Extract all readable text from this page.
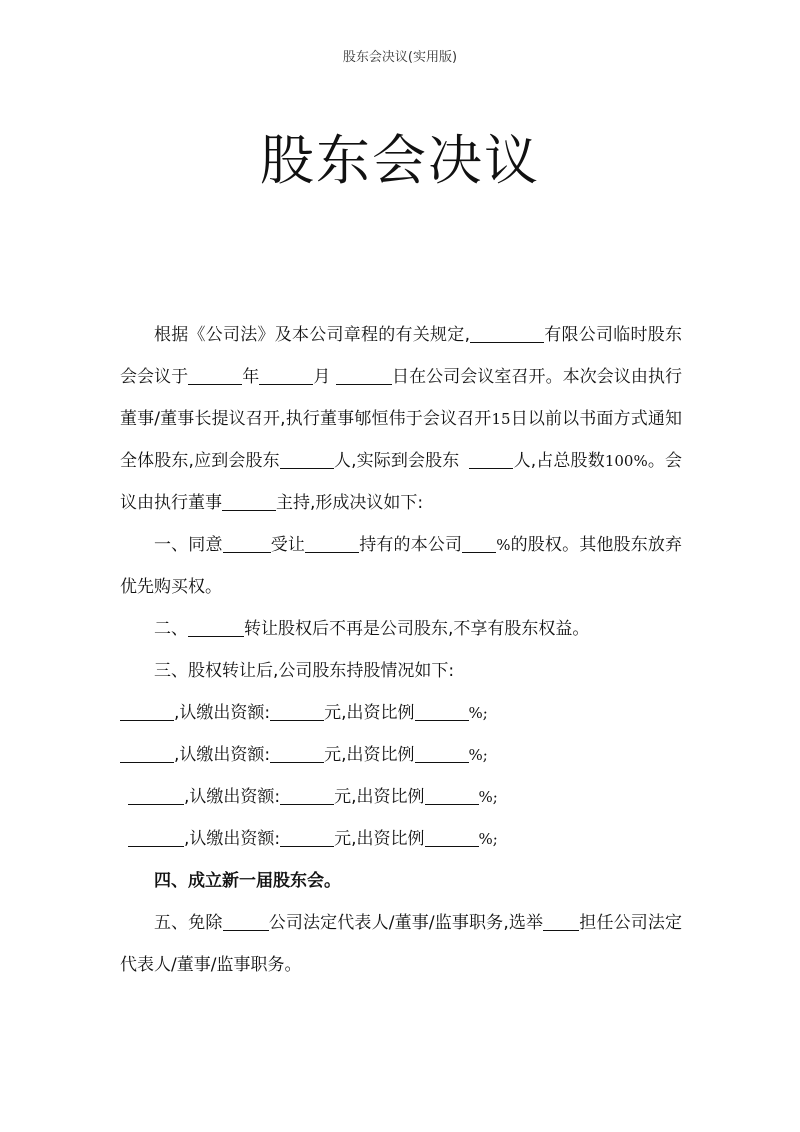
股东会决议(实用版)
股东会决议

根据《公司法》及本公司章程的有关规定,	有限公司临时股东会会议于	年	月	日在公司会议室召开。本次会议由执行董事/董事长提议召开,执行董事郇恒伟于会议召开15日以前以书面方式通知全体股东,应到会股东	人,实际到会股东	人,占总股数100%。会议由执行董事	主持,形成决议如下:

一、同意	受让	持有的本公司 %的股权。其他股东放弃优先购买权。

二、	转让股权后不再是公司股东,不享有股东权益。

三、股权转让后,公司股东持股情况如下:

,认缴出资额:	元,出资比例	%;

,认缴出资额:	元,出资比例	%;

,认缴出资额:	元,出资比例	%;

,认缴出资额:	元,出资比例	%;

四、成立新一届股东会。

五、免除	公司法定代表人/董事/监事职务,选举 担任公司法定代表人/董事/监事职务。
